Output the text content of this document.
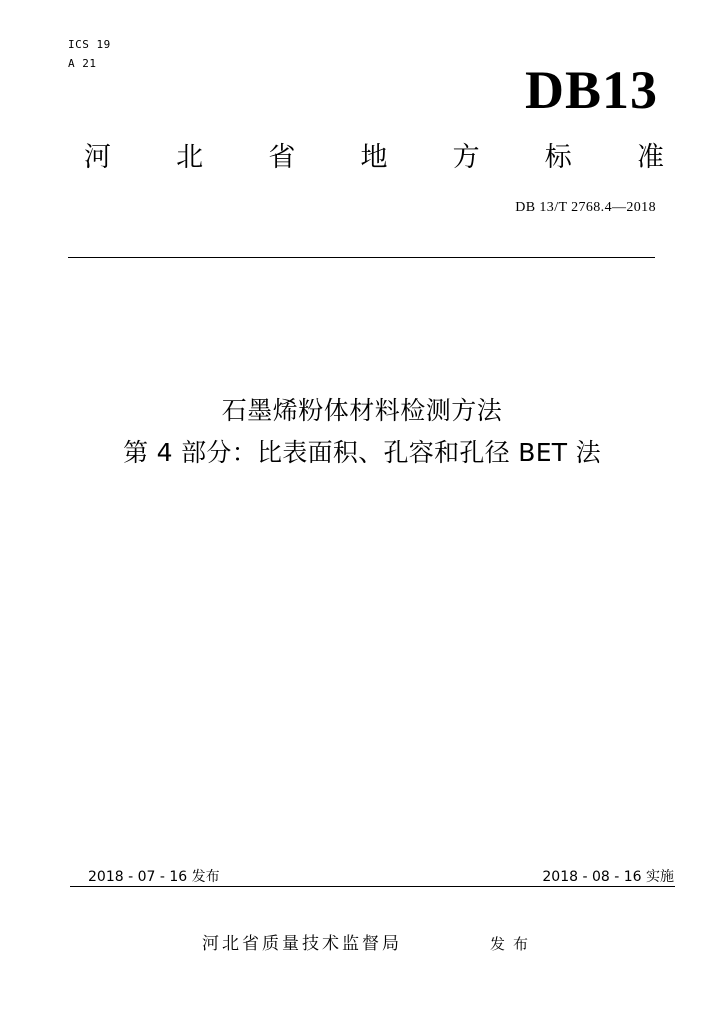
ICS 19
A 21	DB13
河 北 省 地 方 标 准
DB 13/T 2768.4—2018
石墨烯粉体材料检测方法
第 4 部分：比表面积、孔容和孔径 BET 法
2018 - 07 - 16 发布	2018 - 08 - 16 实施
河北省质量技术监督局	发布
